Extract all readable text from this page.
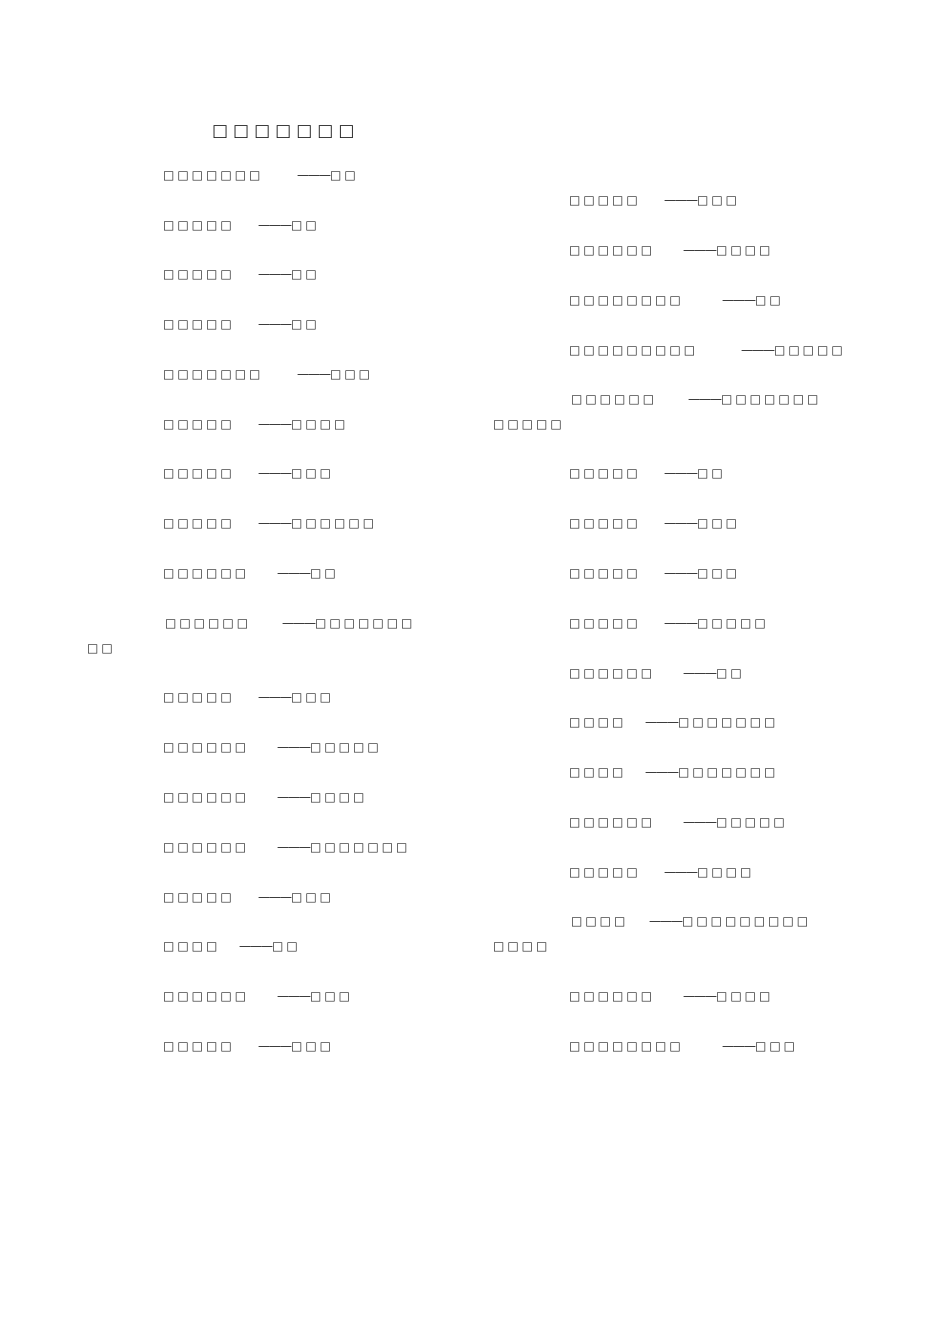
□□□□□□□
□□□□□□□	———□□
□□□□□ ———□□
□□□□□ ———□□
□□□□□ ———□□
□□□□□□□	———□□□
□□□□□ ———□□□□
□□□□□ ———□□□
□□□□□ ———□□□□□□
□□□□□□ ———□□
□□□□□□	———□□□□□□□
□□
□□□□□ ———□□□
□□□□□□ ———□□□□□
□□□□□□ ———□□□□
□□□□□□ ———□□□□□□□
□□□□□ ———□□□
□□□□ ———□□
□□□□□□ ———□□□
□□□□□ ———□□□
□□□□□ ———□□□
□□□□□□ ———□□□□
□□□□□□□□	———□□
□□□□□□□□□	———□□□□□
□□□□□□	———□□□□□□□
□□□□□
□□□□□ ———□□
□□□□□ ———□□□
□□□□□ ———□□□
□□□□□ ———□□□□□
□□□□□□ ———□□
□□□□ ———□□□□□□□
□□□□ ———□□□□□□□
□□□□□□ ———□□□□□
□□□□□ ———□□□□
□□□□ ———□□□□□□□□□
□□□□
□□□□□□ ———□□□□
□□□□□□□□	———□□□
